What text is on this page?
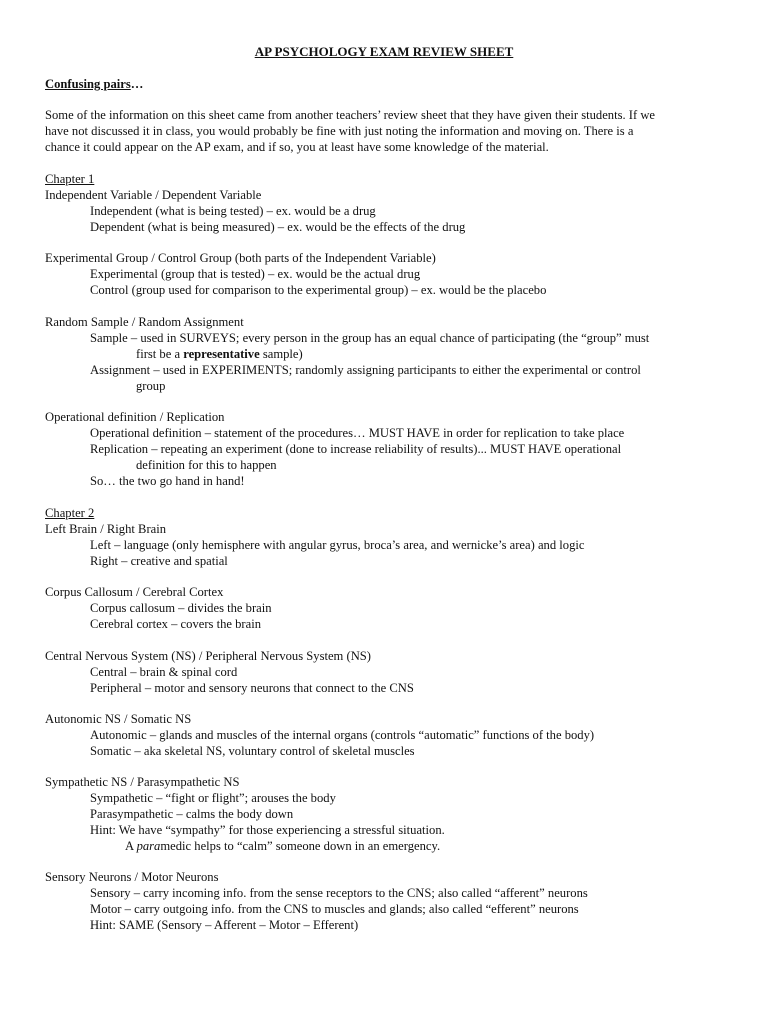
AP PSYCHOLOGY EXAM REVIEW SHEET
Confusing pairs…
Some of the information on this sheet came from another teachers’ review sheet that they have given their students. If we
have not discussed it in class, you would probably be fine with just noting the information and moving on. There is a
chance it could appear on the AP exam, and if so, you at least have some knowledge of the material.
Chapter 1
Independent Variable / Dependent Variable
Independent (what is being tested) – ex. would be a drug
Dependent (what is being measured) – ex. would be the effects of the drug
Experimental Group / Control Group (both parts of the Independent Variable)
Experimental (group that is tested) – ex. would be the actual drug
Control (group used for comparison to the experimental group) – ex. would be the placebo
Random Sample / Random Assignment
Sample – used in SURVEYS; every person in the group has an equal chance of participating (the “group” must
first be a representative sample)
Assignment – used in EXPERIMENTS; randomly assigning participants to either the experimental or control
group
Operational definition / Replication
Operational definition – statement of the procedures… MUST HAVE in order for replication to take place
Replication – repeating an experiment (done to increase reliability of results)... MUST HAVE operational
definition for this to happen
So… the two go hand in hand!
Chapter 2
Left Brain / Right Brain
Left – language (only hemisphere with angular gyrus, broca’s area, and wernicke’s area) and logic
Right – creative and spatial
Corpus Callosum / Cerebral Cortex
Corpus callosum – divides the brain
Cerebral cortex – covers the brain
Central Nervous System (NS) / Peripheral Nervous System (NS)
Central – brain & spinal cord
Peripheral – motor and sensory neurons that connect to the CNS
Autonomic NS / Somatic NS
Autonomic – glands and muscles of the internal organs (controls “automatic” functions of the body)
Somatic – aka skeletal NS, voluntary control of skeletal muscles
Sympathetic NS / Parasympathetic NS
Sympathetic – “fight or flight”; arouses the body
Parasympathetic – calms the body down
Hint: We have “sympathy” for those experiencing a stressful situation.
A paramedic helps to “calm” someone down in an emergency.
Sensory Neurons / Motor Neurons
Sensory – carry incoming info. from the sense receptors to the CNS; also called “afferent” neurons
Motor – carry outgoing info. from the CNS to muscles and glands; also called “efferent” neurons
Hint: SAME (Sensory – Afferent – Motor – Efferent)
